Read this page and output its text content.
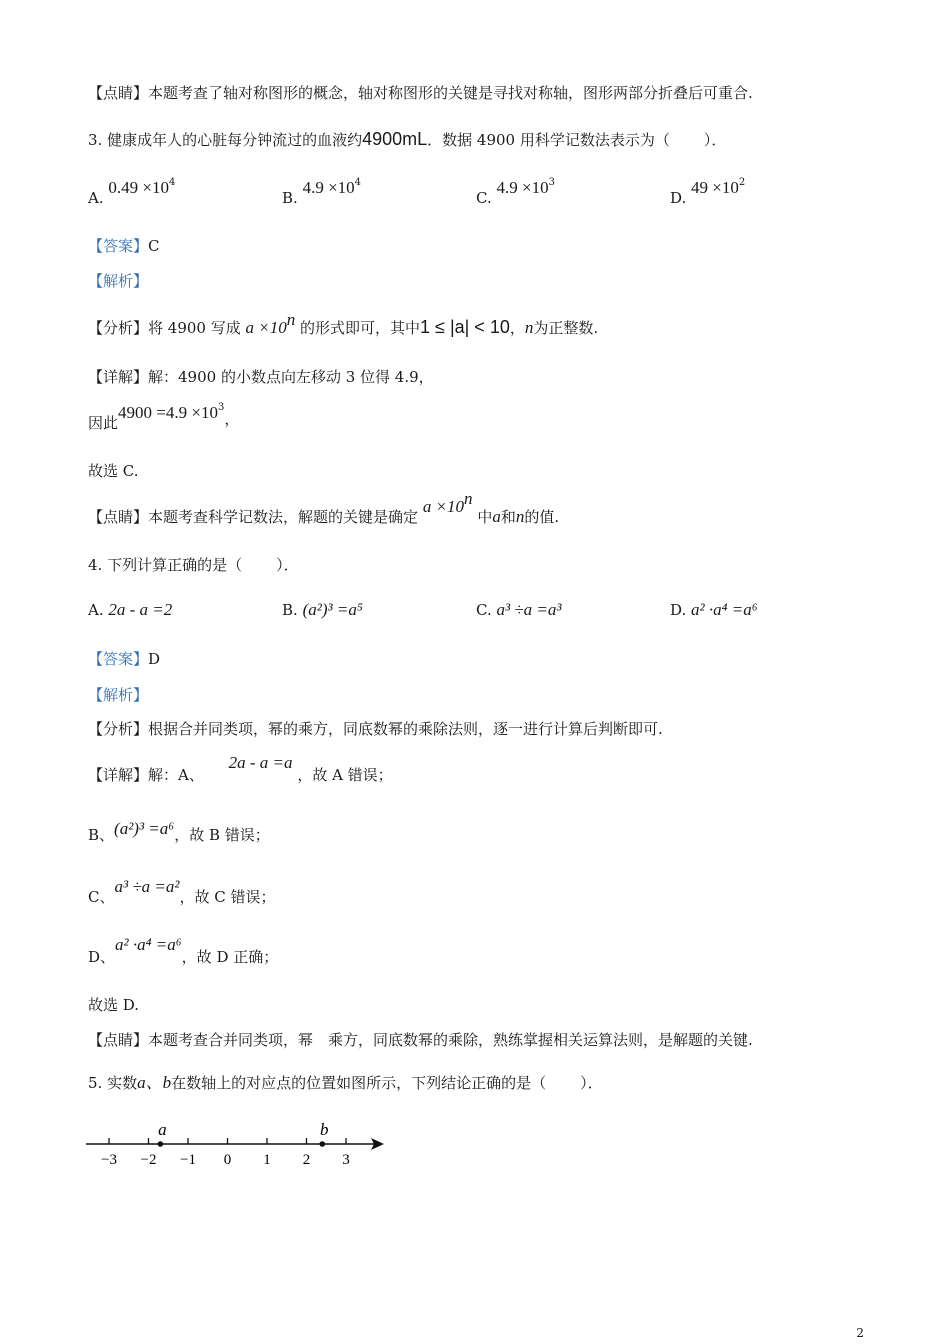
【点睛】本题考查了轴对称图形的概念，轴对称图形的关键是寻找对称轴，图形两部分折叠后可重合.
3. 健康成年人的心脏每分钟流过的血液约4900mL．数据 4900 用科学记数法表示为（ ）．
A. $0.49 \times 10^4$
B. $4.9 \times 10^4$
C. $4.9 \times 10^3$
D. $49 \times 10^2$
【答案】C
【解析】
【分析】将 4900 写成 $a \times 10^n$ 的形式即可，其中1 ≤ |a| < 10，n为正整数.
【详解】解：4900 的小数点向左移动 3 位得 4.9，
因此$4900 =4.9 \times 10^3$，
故选 C.
【点睛】本题考查科学记数法，解题的关键是确定 $a \times 10^n$ 中a和n的值.
4. 下列计算正确的是（ ）．
A. 2a - a =2	B. (a²)³ =a⁵	C. a³ ÷a =a³	D. a² ·a⁴ =a⁶
【答案】D
【解析】
【分析】根据合并同类项，幂的乘方，同底数幂的乘除法则，逐一进行计算后判断即可.
【详解】解：A、 2a - a =a ，故 A 错误；
B、(a²)³ =a⁶，故 B 错误；
C、a³ ÷a =a²，故 C 错误；
D、a² ·a⁴ =a⁶，故 D 正确；
故选 D.
【点睛】本题考查合并同类项，幂　乘方，同底数幂的乘除，熟练掌握相关运算法则，是解题的关键.
5. 实数a、b在数轴上的对应点的位置如图所示，下列结论正确的是（ ）．
−3 −2 −1 0 1 2 3
a	b
2
